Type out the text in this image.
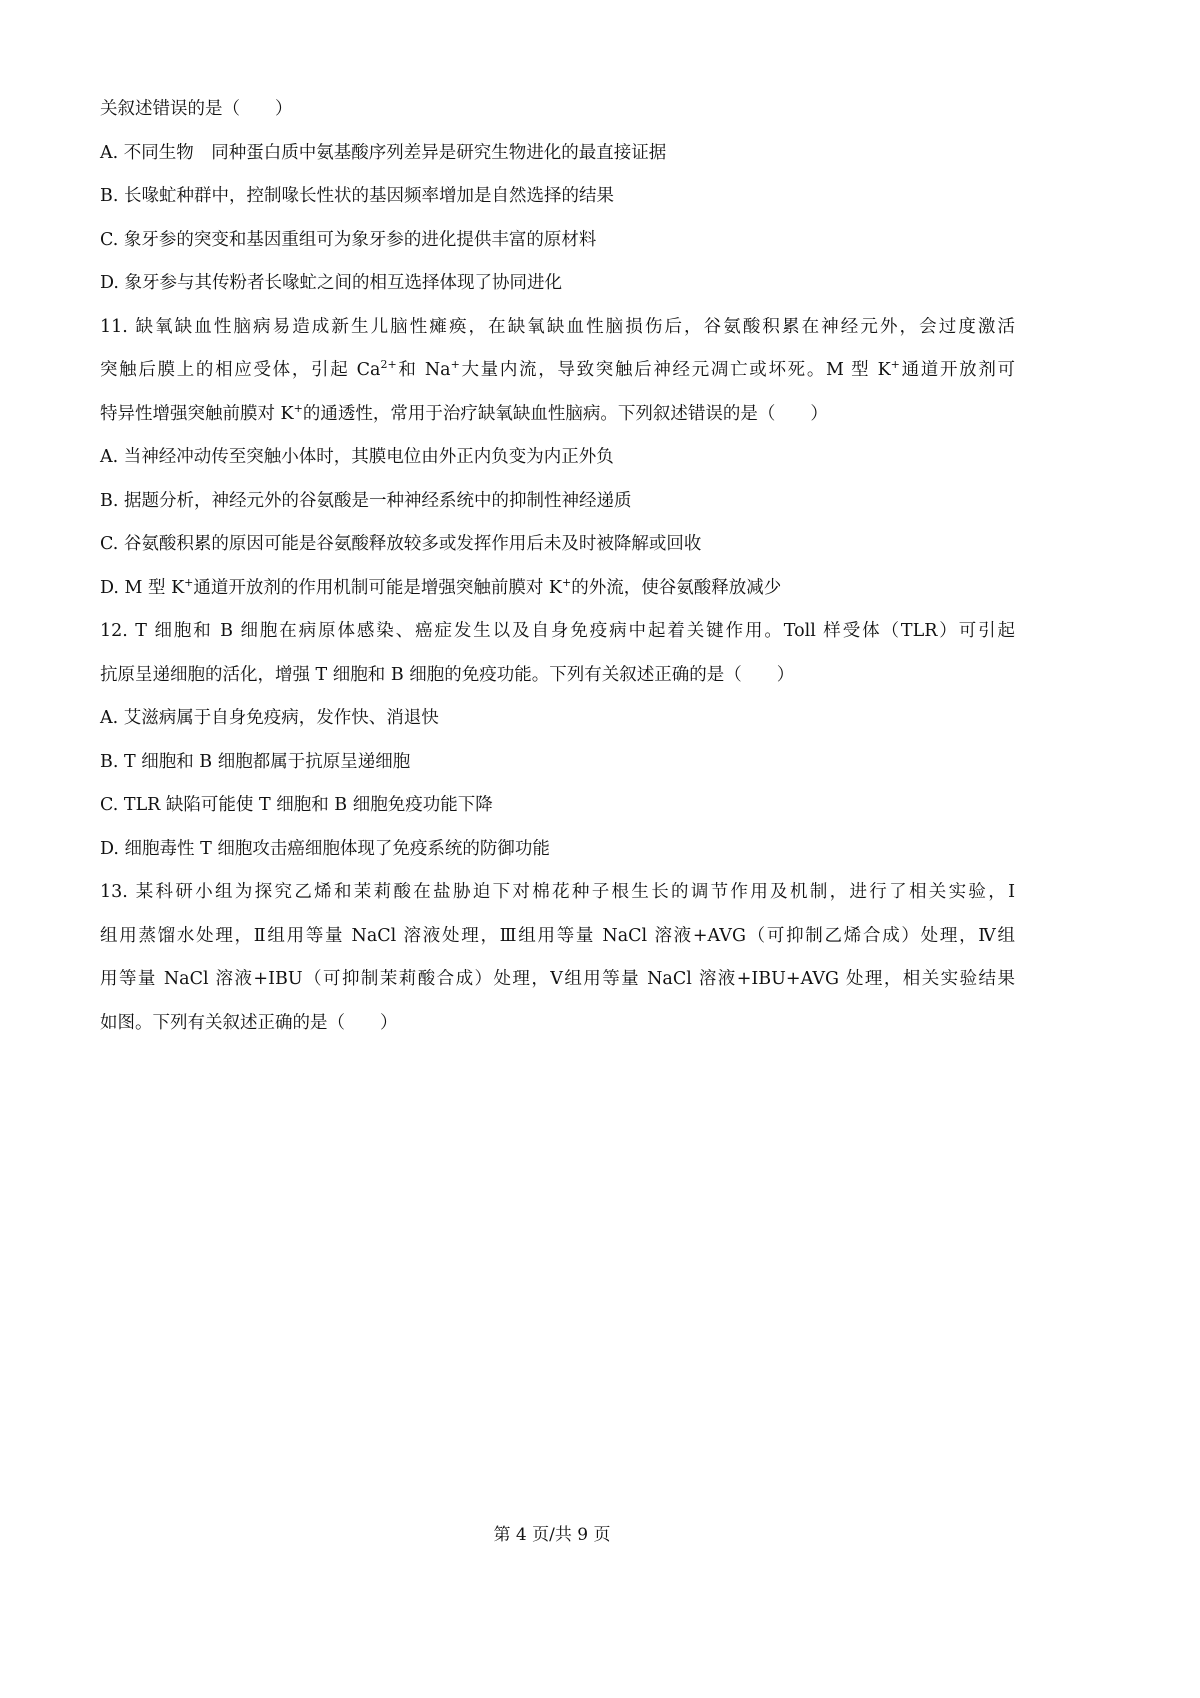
关叙述错误的是（　　）
A. 不同生物　同种蛋白质中氨基酸序列差异是研究生物进化的最直接证据
B. 长喙虻种群中，控制喙长性状的基因频率增加是自然选择的结果
C. 象牙参的突变和基因重组可为象牙参的进化提供丰富的原材料
D. 象牙参与其传粉者长喙虻之间的相互选择体现了协同进化
11. 缺氧缺血性脑病易造成新生儿脑性瘫痪，在缺氧缺血性脑损伤后，谷氨酸积累在神经元外，会过度激活
突触后膜上的相应受体，引起 $Ca^{2+}$和 Na+大量内流，导致突触后神经元凋亡或坏死。M 型 K+通道开放剂可
特异性增强突触前膜对 K+的通透性，常用于治疗缺氧缺血性脑病。下列叙述错误的是（　　）
A. 当神经冲动传至突触小体时，其膜电位由外正内负变为内正外负
B. 据题分析，神经元外的谷氨酸是一种神经系统中的抑制性神经递质
C. 谷氨酸积累的原因可能是谷氨酸释放较多或发挥作用后未及时被降解或回收
D. M 型 K+通道开放剂的作用机制可能是增强突触前膜对 K+的外流，使谷氨酸释放减少
12. T 细胞和 B 细胞在病原体感染、癌症发生以及自身免疫病中起着关键作用。Toll 样受体（TLR）可引起
抗原呈递细胞的活化，增强 T 细胞和 B 细胞的免疫功能。下列有关叙述正确的是（　　）
A. 艾滋病属于自身免疫病，发作快、消退快
B. T 细胞和 B 细胞都属于抗原呈递细胞
C. TLR 缺陷可能使 T 细胞和 B 细胞免疫功能下降
D. 细胞毒性 T 细胞攻击癌细胞体现了免疫系统的防御功能
13. 某科研小组为探究乙烯和茉莉酸在盐胁迫下对棉花种子根生长的调节作用及机制，进行了相关实验，Ⅰ
组用蒸馏水处理，Ⅱ组用等量 NaCl 溶液处理，Ⅲ组用等量 NaCl 溶液+AVG（可抑制乙烯合成）处理，Ⅳ组
用等量 NaCl 溶液+IBU（可抑制茉莉酸合成）处理，Ⅴ组用等量 NaCl 溶液+IBU+AVG 处理，相关实验结果
如图。下列有关叙述正确的是（　　）
第 4 页/共 9 页
